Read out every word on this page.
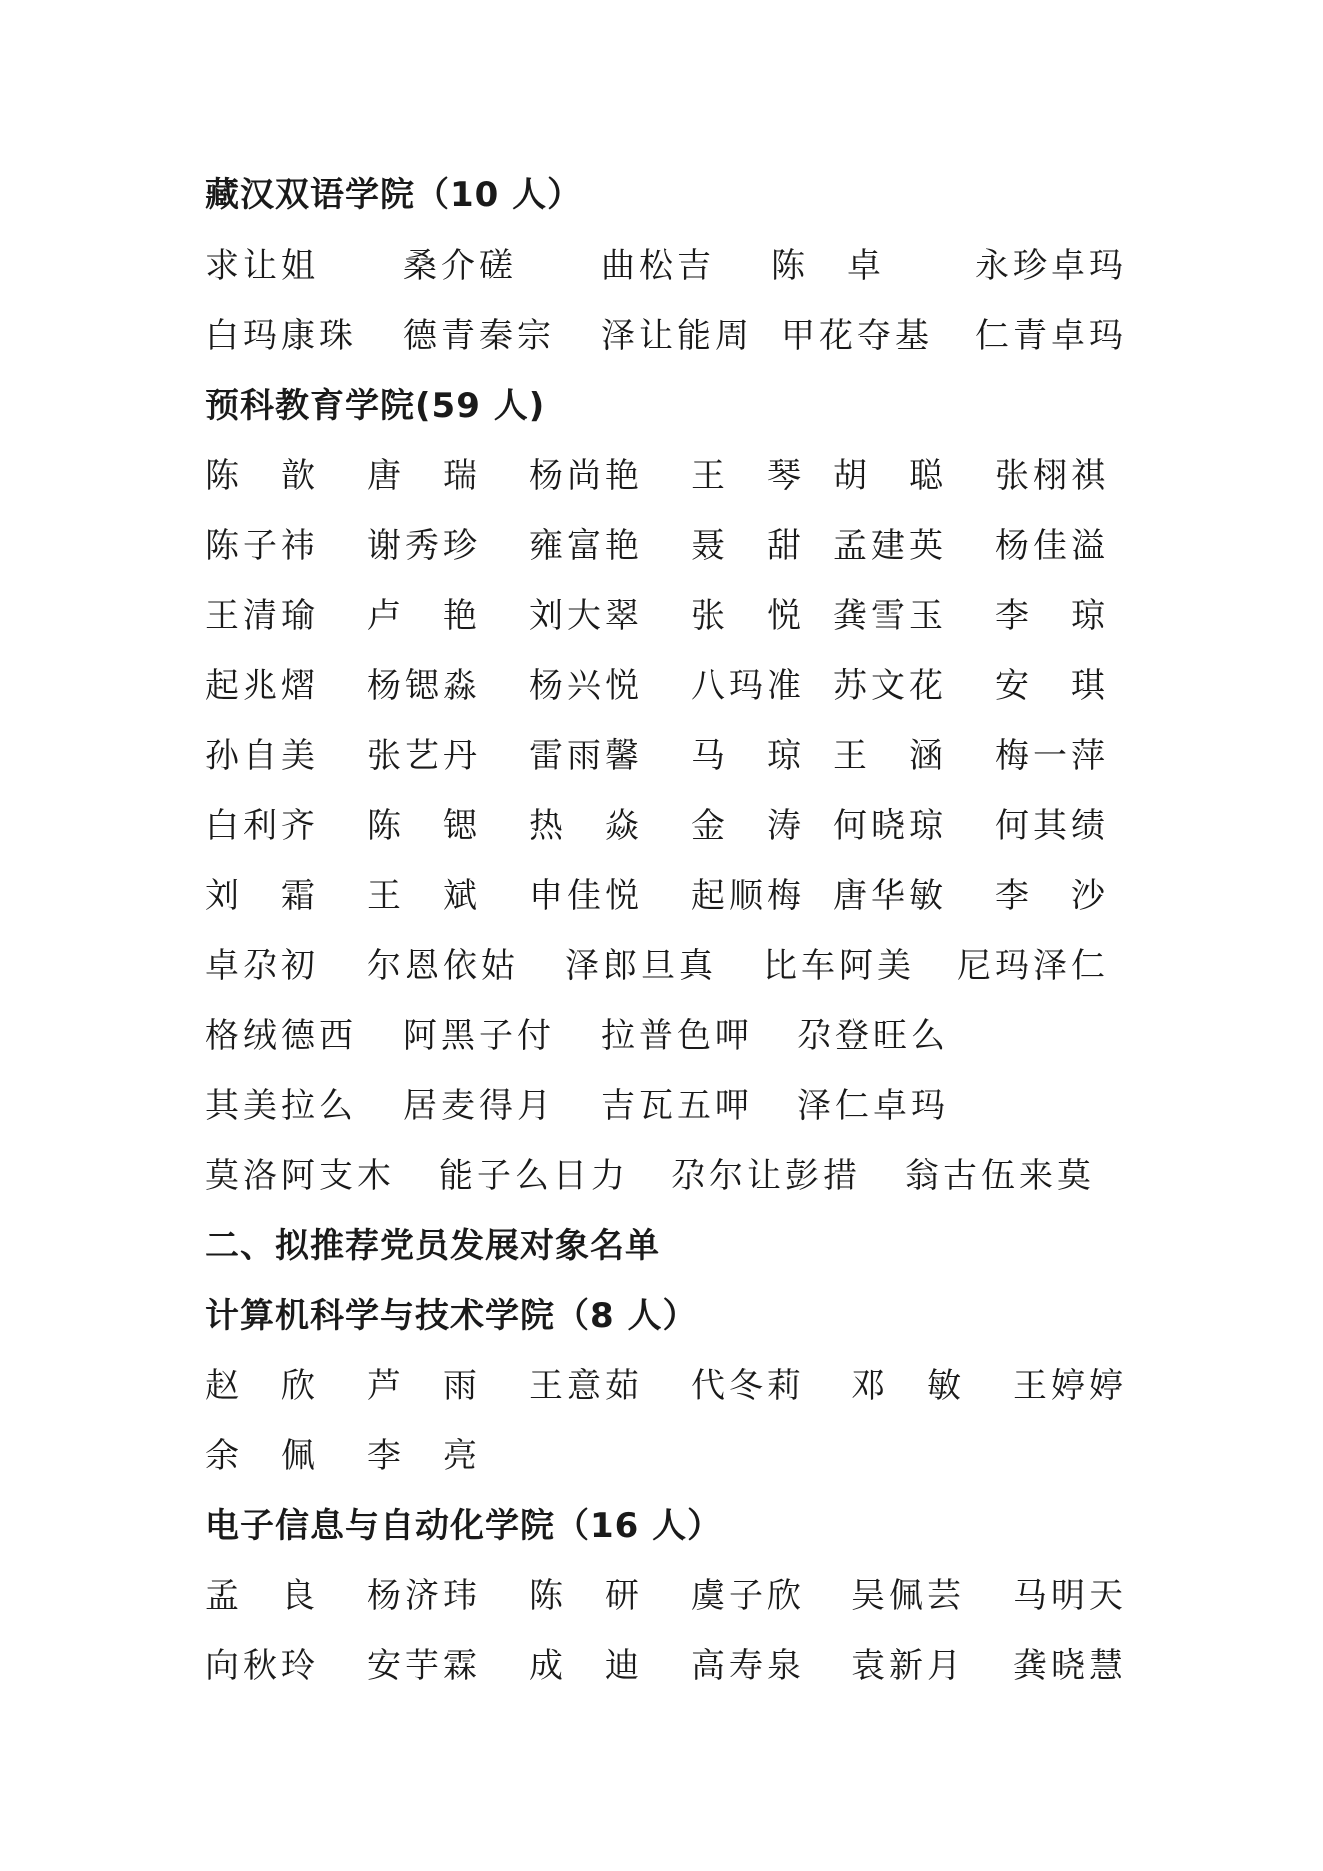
藏汉双语学院（10 人）
求让姐 桑介磋 曲松吉 陈　卓	永珍卓玛
白玛康珠 德青秦宗 泽让能周 甲花夺基 仁青卓玛
预科教育学院(59 人)
陈　歆 唐　瑞 杨尚艳 王　琴 胡　聪 张栩祺
陈子祎 谢秀珍 雍富艳 聂　甜 孟建英 杨佳溢
王清瑜 卢　艳 刘大翠 张　悦 龚雪玉 李　琼
起兆熠 杨锶淼 杨兴悦 八玛准 苏文花 安　琪
孙自美 张艺丹 雷雨馨 马　琼 王　涵 梅一萍
白利齐 陈　锶 热　焱 金　涛 何晓琼 何其绩
刘　霜 王　斌 申佳悦 起顺梅 唐华敏 李　沙
卓尕初 尔恩依姑 泽郎旦真 比车阿美 尼玛泽仁
格绒德西 阿黑子付 拉普色呷 尕登旺么
其美拉么 居麦得月 吉瓦五呷 泽仁卓玛
莫洛阿支木 能子么日力 尕尔让彭措 翁古伍来莫
二、拟推荐党员发展对象名单
计算机科学与技术学院（8 人）
赵　欣 芦　雨 王意茹 代冬莉 邓　敏 王婷婷
余　佩 李　亮
电子信息与自动化学院（16 人）
孟　良 杨济玮 陈　研 虞子欣 吴佩芸 马明天
向秋玲 安芋霖 成　迪 高寿泉 袁新月 龚晓慧
